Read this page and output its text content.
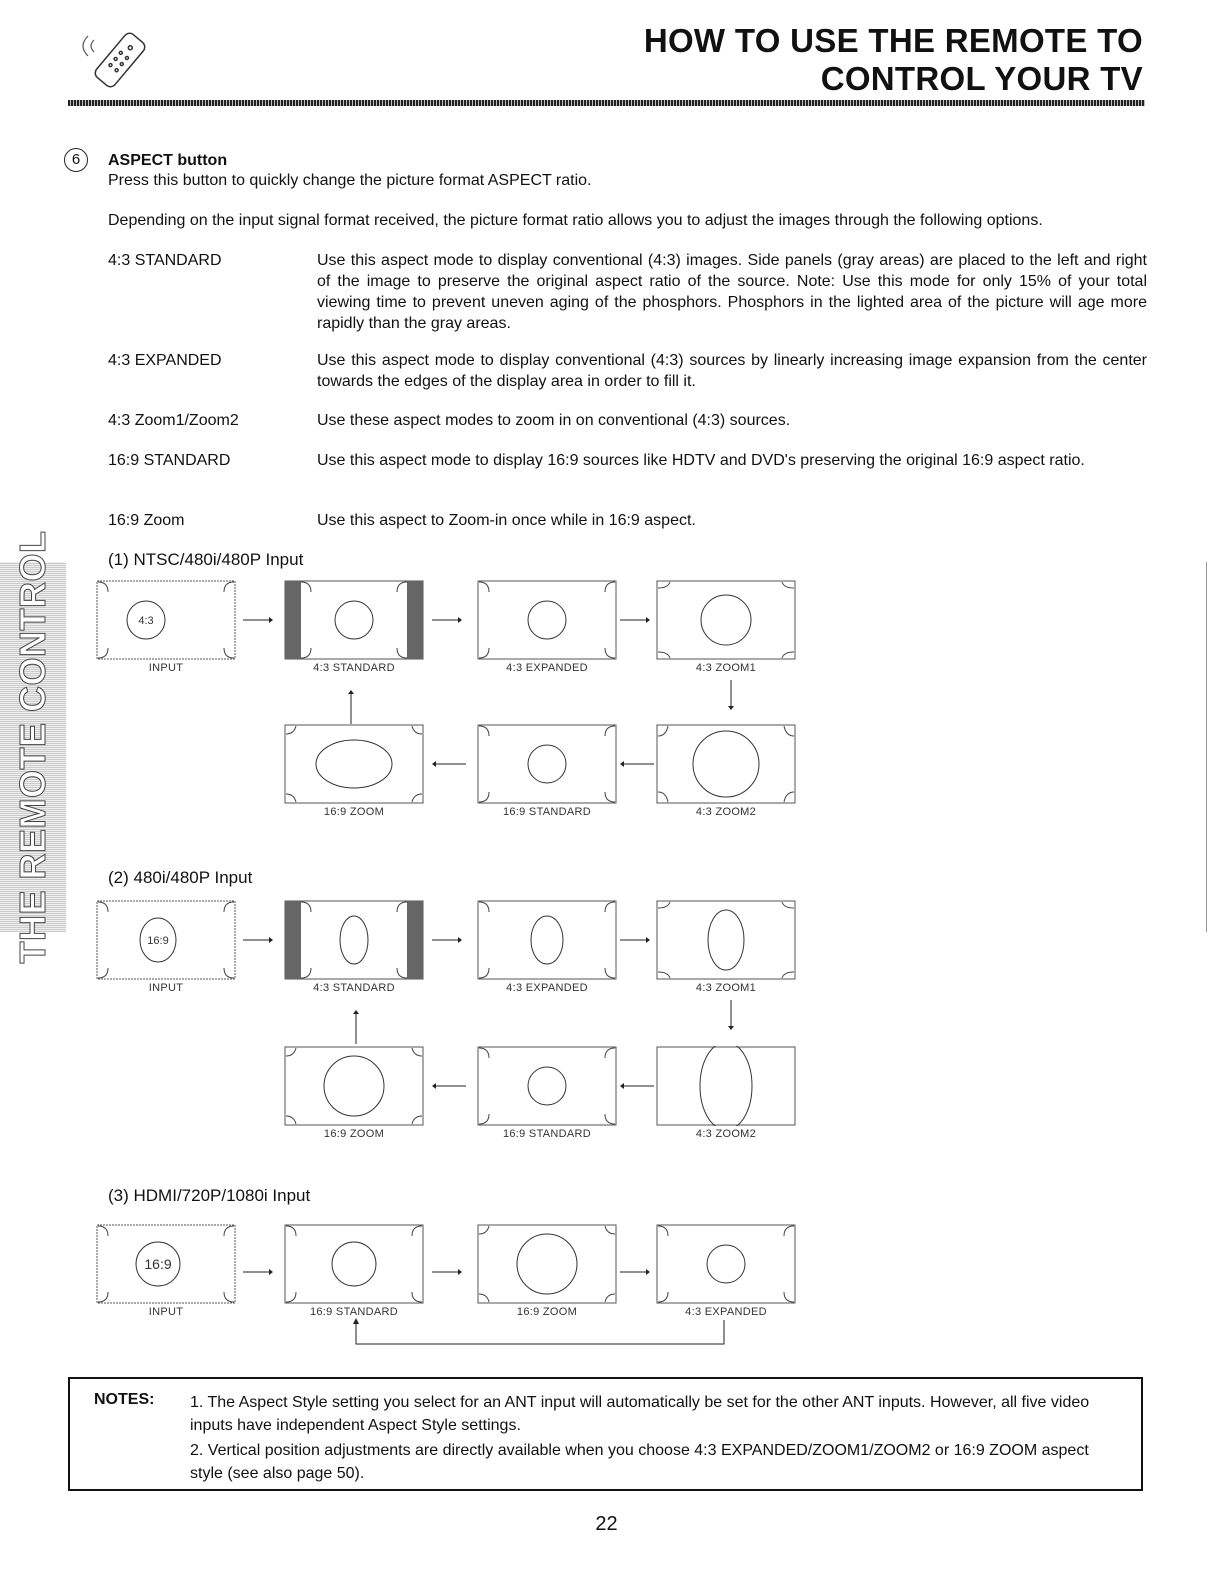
HOW TO USE THE REMOTE TO
CONTROL YOUR TV
THE REMOTE CONTROL
6	ASPECT button
Press this button to quickly change the picture format ASPECT ratio.
Depending on the input signal format received, the picture format ratio allows you to adjust the images through the following options.
4:3 STANDARD	Use this aspect mode to display conventional (4:3) images. Side panels (gray areas) are placed to the left and right of the image to preserve the original aspect ratio of the source. Note: Use this mode for only 15% of your total viewing time to prevent uneven aging of the phosphors. Phosphors in the lighted area of the picture will age more rapidly than the gray areas.
4:3 EXPANDED	Use this aspect mode to display conventional (4:3) sources by linearly increasing image expansion from the center towards the edges of the display area in order to fill it.
4:3 Zoom1/Zoom2	Use these aspect modes to zoom in on conventional (4:3) sources.
16:9 STANDARD	Use this aspect mode to display 16:9 sources like HDTV and DVD's preserving the original 16:9 aspect ratio.
16:9 Zoom	Use this aspect to Zoom-in once while in 16:9 aspect.
(1) NTSC/480i/480P Input
(2) 480i/480P Input
(3) HDMI/720P/1080i Input
4:3
INPUT	4:3 STANDARD	4:3 EXPANDED	4:3 ZOOM1
16:9 ZOOM	16:9 STANDARD	4:3 ZOOM2
16:9
INPUT	4:3 STANDARD	4:3 EXPANDED	4:3 ZOOM1
16:9 ZOOM	16:9 STANDARD	4:3 ZOOM2
16:9
INPUT	16:9 STANDARD	16:9 ZOOM	4:3 EXPANDED
NOTES: 1. The Aspect Style setting you select for an ANT input will automatically be set for the other ANT inputs. However, all five video inputs have independent Aspect Style settings.
2. Vertical position adjustments are directly available when you choose 4:3 EXPANDED/ZOOM1/ZOOM2 or 16:9 ZOOM aspect style (see also page 50).
22
